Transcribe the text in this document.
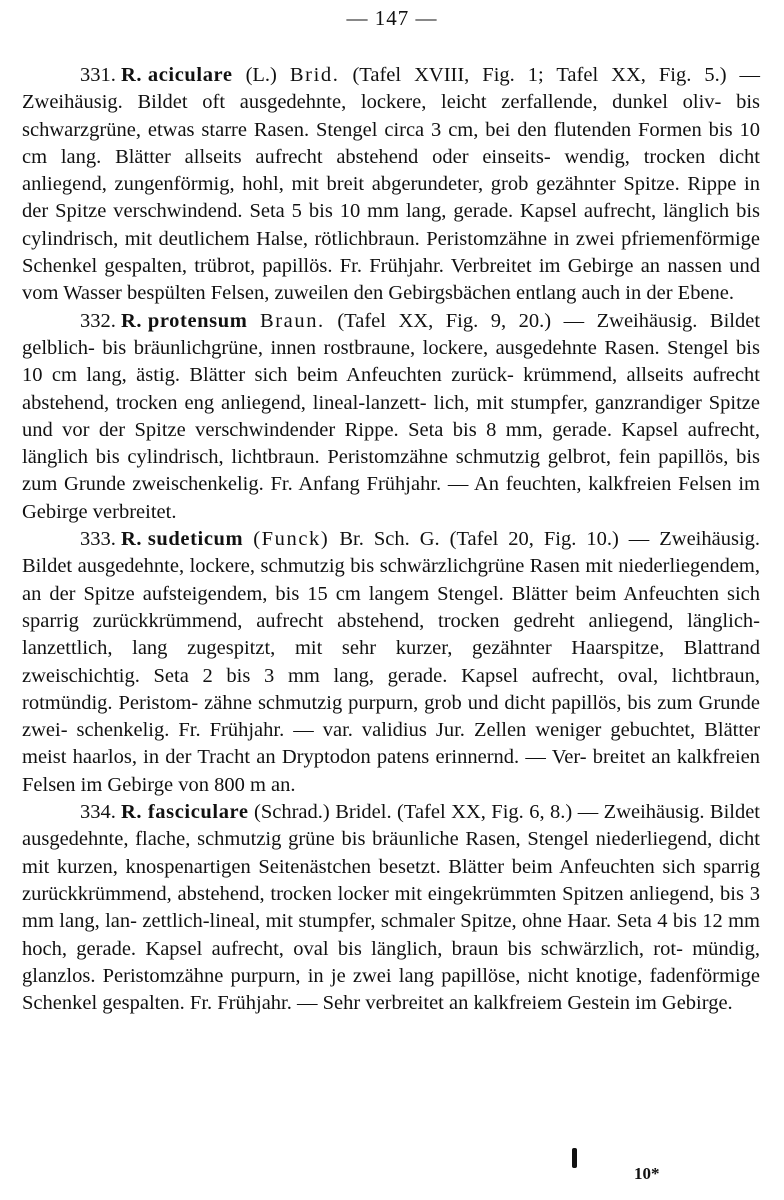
— 147 —

331. R. aciculare (L.) Brid. (Tafel XVIII, Fig. 1; Tafel XX, Fig. 5.) — Zweihäusig. Bildet oft ausgedehnte, lockere, leicht zerfallende, dunkel oliv- bis schwarzgrüne, etwas starre Rasen. Stengel circa 3 cm, bei den flutenden Formen bis 10 cm lang. Blätter allseits aufrecht abstehend oder einseits- wendig, trocken dicht anliegend, zungenförmig, hohl, mit breit abgerundeter, grob gezähnter Spitze. Rippe in der Spitze verschwindend. Seta 5 bis 10 mm lang, gerade. Kapsel aufrecht, länglich bis cylindrisch, mit deutlichem Halse, rötlichbraun. Peristomzähne in zwei pfriemenförmige Schenkel gespalten, trübrot, papillös. Fr. Frühjahr. Verbreitet im Gebirge an nassen und vom Wasser bespülten Felsen, zuweilen den Gebirgsbächen entlang auch in der Ebene.

332. R. protensum Braun. (Tafel XX, Fig. 9, 20.) — Zweihäusig. Bildet gelblich- bis bräunlichgrüne, innen rostbraune, lockere, ausgedehnte Rasen. Stengel bis 10 cm lang, ästig. Blätter sich beim Anfeuchten zurück- krümmend, allseits aufrecht abstehend, trocken eng anliegend, lineal-lanzett- lich, mit stumpfer, ganzrandiger Spitze und vor der Spitze verschwindender Rippe. Seta bis 8 mm, gerade. Kapsel aufrecht, länglich bis cylindrisch, lichtbraun. Peristomzähne schmutzig gelbrot, fein papillös, bis zum Grunde zweischenkelig. Fr. Anfang Frühjahr. — An feuchten, kalkfreien Felsen im Gebirge verbreitet.

333. R. sudeticum (Funck) Br. Sch. G. (Tafel 20, Fig. 10.) — Zweihäusig. Bildet ausgedehnte, lockere, schmutzig bis schwärzlichgrüne Rasen mit niederliegendem, an der Spitze aufsteigendem, bis 15 cm langem Stengel. Blätter beim Anfeuchten sich sparrig zurückkrümmend, aufrecht abstehend, trocken gedreht anliegend, länglich-lanzettlich, lang zugespitzt, mit sehr kurzer, gezähnter Haarspitze, Blattrand zweischichtig. Seta 2 bis 3 mm lang, gerade. Kapsel aufrecht, oval, lichtbraun, rotmündig. Peristom- zähne schmutzig purpurn, grob und dicht papillös, bis zum Grunde zwei- schenkelig. Fr. Frühjahr. — var. validius Jur. Zellen weniger gebuchtet, Blätter meist haarlos, in der Tracht an Dryptodon patens erinnernd. — Ver- breitet an kalkfreien Felsen im Gebirge von 800 m an.

334. R. fasciculare (Schrad.) Bridel. (Tafel XX, Fig. 6, 8.) — Zweihäusig. Bildet ausgedehnte, flache, schmutzig grüne bis bräunliche Rasen, Stengel niederliegend, dicht mit kurzen, knospenartigen Seitenästchen besetzt. Blätter beim Anfeuchten sich sparrig zurückkrümmend, abstehend, trocken locker mit eingekrümmten Spitzen anliegend, bis 3 mm lang, lan- zettlich-lineal, mit stumpfer, schmaler Spitze, ohne Haar. Seta 4 bis 12 mm hoch, gerade. Kapsel aufrecht, oval bis länglich, braun bis schwärzlich, rot- mündig, glanzlos. Peristomzähne purpurn, in je zwei lang papillöse, nicht knotige, fadenförmige Schenkel gespalten. Fr. Frühjahr. — Sehr verbreitet an kalkfreiem Gestein im Gebirge.

10*
